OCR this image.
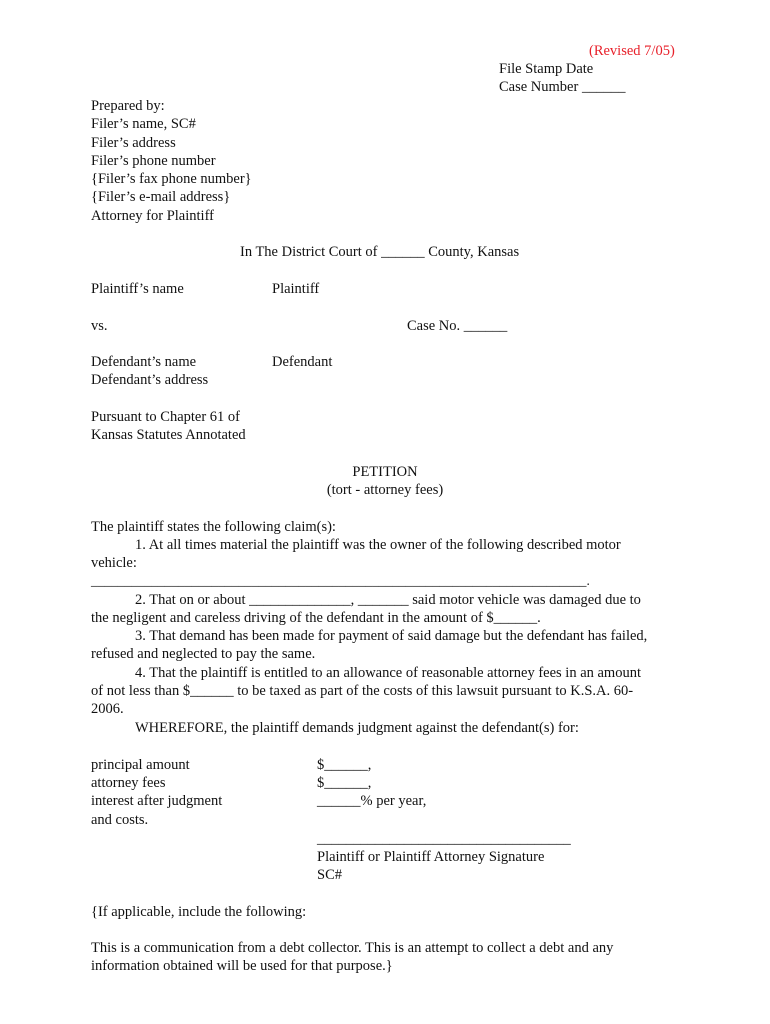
(Revised 7/05)
File Stamp Date
Case Number ______
Prepared by:
Filer’s name, SC#
Filer’s address
Filer’s phone number
{Filer’s fax phone number}
{Filer’s e-mail address}
Attorney for Plaintiff
In The District Court of ______ County, Kansas
Plaintiff’s name	Plaintiff
vs.	Case No. ______
Defendant’s name	Defendant
Defendant’s address
Pursuant to Chapter 61 of
Kansas Statutes Annotated
PETITION
(tort - attorney fees)
The plaintiff states the following claim(s):
1. At all times material the plaintiff was the owner of the following described motor
vehicle:
__________________________________________________________________________.
2. That on or about ______________, _______ said motor vehicle was damaged due to
the negligent and careless driving of the defendant in the amount of $______.
3. That demand has been made for payment of said damage but the defendant has failed,
refused and neglected to pay the same.
4. That the plaintiff is entitled to an allowance of reasonable attorney fees in an amount
of not less than $______ to be taxed as part of the costs of this lawsuit pursuant to K.S.A. 60-
2006.
WHEREFORE, the plaintiff demands judgment against the defendant(s) for:
principal amount	$______,
attorney fees	$______,
interest after judgment	______% per year,
and costs.
___________________________________
Plaintiff or Plaintiff Attorney Signature
SC#
{If applicable, include the following:
This is a communication from a debt collector. This is an attempt to collect a debt and any
information obtained will be used for that purpose.}
